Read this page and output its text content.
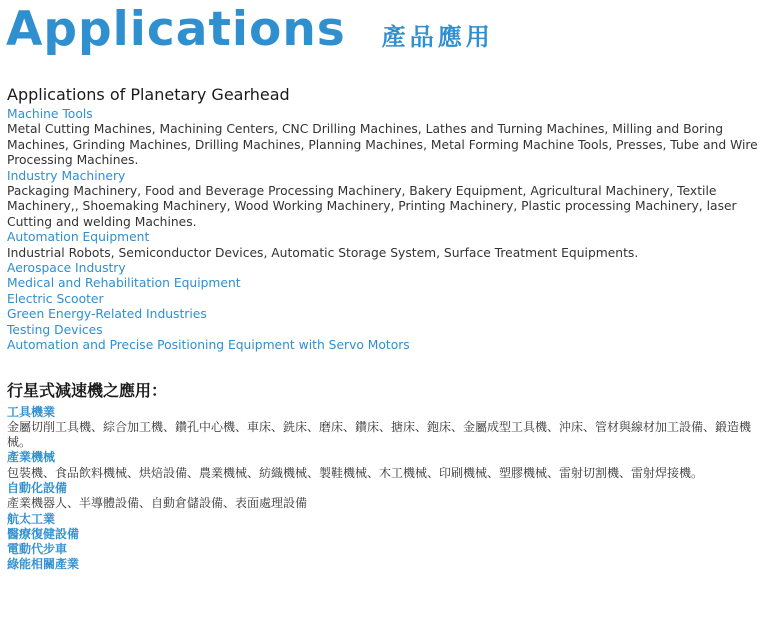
Applications 產品應用
Applications of Planetary Gearhead
Machine Tools
Metal Cutting Machines, Machining Centers, CNC Drilling Machines, Lathes and Turning Machines, Milling and Boring Machines, Grinding Machines, Drilling Machines, Planning Machines, Metal Forming Machine Tools, Presses, Tube and Wire Processing Machines.
Industry Machinery
Packaging Machinery, Food and Beverage Processing Machinery, Bakery Equipment, Agricultural Machinery, Textile Machinery,, Shoemaking Machinery, Wood Working Machinery, Printing Machinery, Plastic processing Machinery, laser Cutting and welding Machines.
Automation Equipment
Industrial Robots, Semiconductor Devices, Automatic Storage System, Surface Treatment Equipments.
Aerospace Industry
Medical and Rehabilitation Equipment
Electric Scooter
Green Energy-Related Industries
Testing Devices
Automation and Precise Positioning Equipment with Servo Motors
行星式減速機之應用：
工具機業
金屬切削工具機、綜合加工機、鑽孔中心機、車床、銑床、磨床、鑽床、搪床、鉋床、金屬成型工具機、沖床、管材與線材加工設備、鍛造機械。
產業機械
包裝機、食品飲料機械、烘焙設備、農業機械、紡織機械、製鞋機械、木工機械、印刷機械、塑膠機械、雷射切割機、雷射焊接機。
自動化設備
產業機器人、半導體設備、自動倉儲設備、表面處理設備
航太工業
醫療復健設備
電動代步車
綠能相關產業
